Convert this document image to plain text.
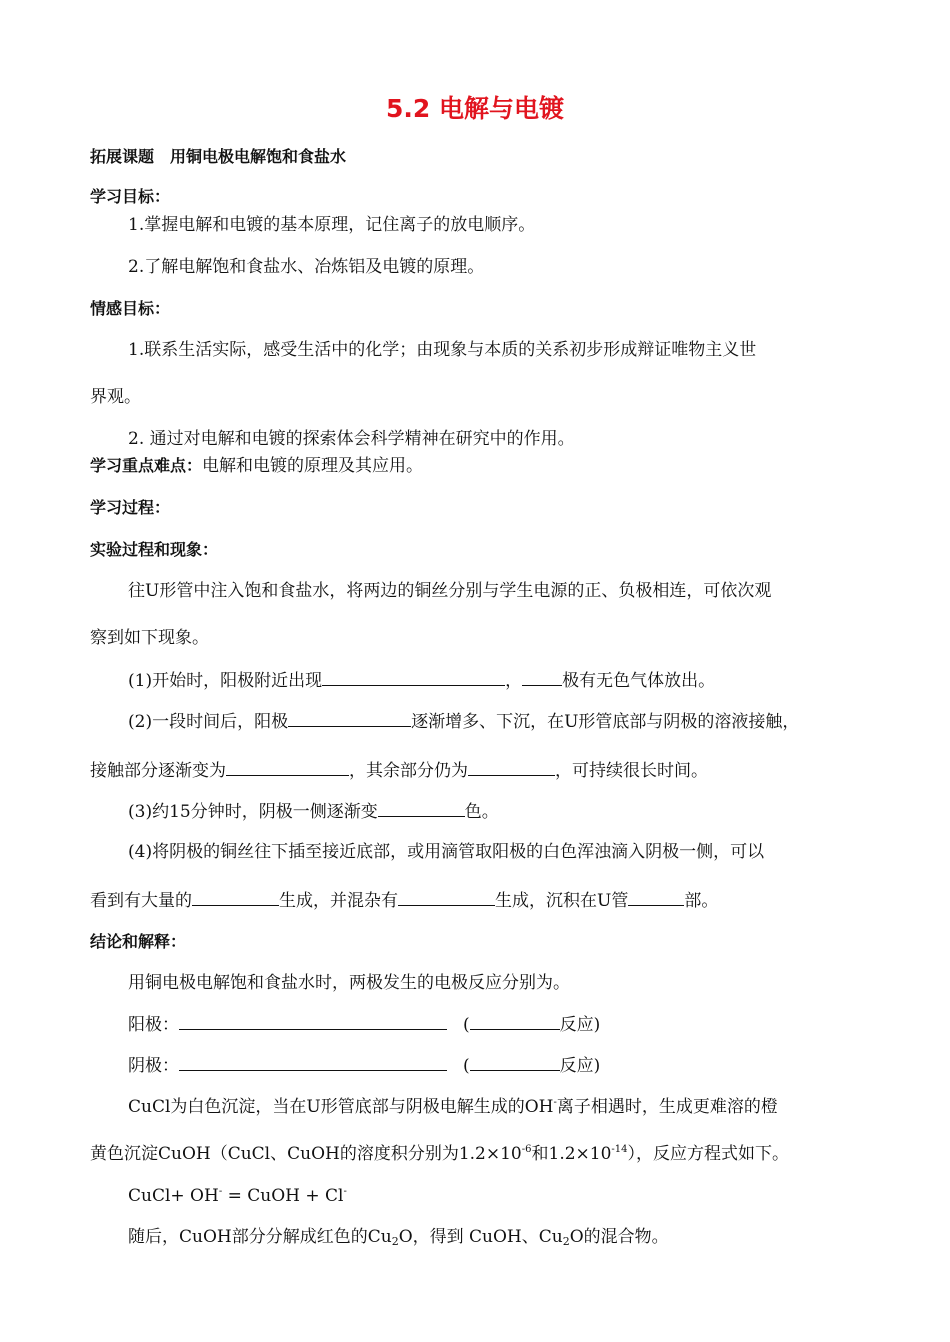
5.2 电解与电镀
拓展课题　用铜电极电解饱和食盐水
学习目标：
1.掌握电解和电镀的基本原理，记住离子的放电顺序。
2.了解电解饱和食盐水、冶炼铝及电镀的原理。
情感目标：
1.联系生活实际，感受生活中的化学；由现象与本质的关系初步形成辩证唯物主义世
界观。
2. 通过对电解和电镀的探索体会科学精神在研究中的作用。
学习重点难点：电解和电镀的原理及其应用。
学习过程：
实验过程和现象：
往U形管中注入饱和食盐水，将两边的铜丝分别与学生电源的正、负极相连，可依次观
察到如下现象。
(1)开始时，阳极附近出现	， 极有无色气体放出。
(2)一段时间后，阳极	逐渐增多、下沉，在U形管底部与阴极的溶液接触，
接触部分逐渐变为	，其余部分仍为	，可持续很长时间。
(3)约15分钟时，阴极一侧逐渐变	色。
(4)将阴极的铜丝往下插至接近底部，或用滴管取阳极的白色浑浊滴入阴极一侧，可以
看到有大量的	生成，并混杂有	生成，沉积在U管	部。
结论和解释：
用铜电极电解饱和食盐水时，两极发生的电极反应分别为。
阳极：	(	反应)
阴极：	(	反应)
CuCl为白色沉淀，当在U形管底部与阴极电解生成的OH-离子相遇时，生成更难溶的橙
黄色沉淀CuOH（CuCl、CuOH的溶度积分别为$1.2\times 10^{-6}$和$1.2\times 10^{-14}$），反应方程式如下。
CuCl+ OH- = CuOH + Cl-
随后，CuOH部分分解成红色的$Cu_2O$，得到 CuOH、$Cu_2O$的混合物。
